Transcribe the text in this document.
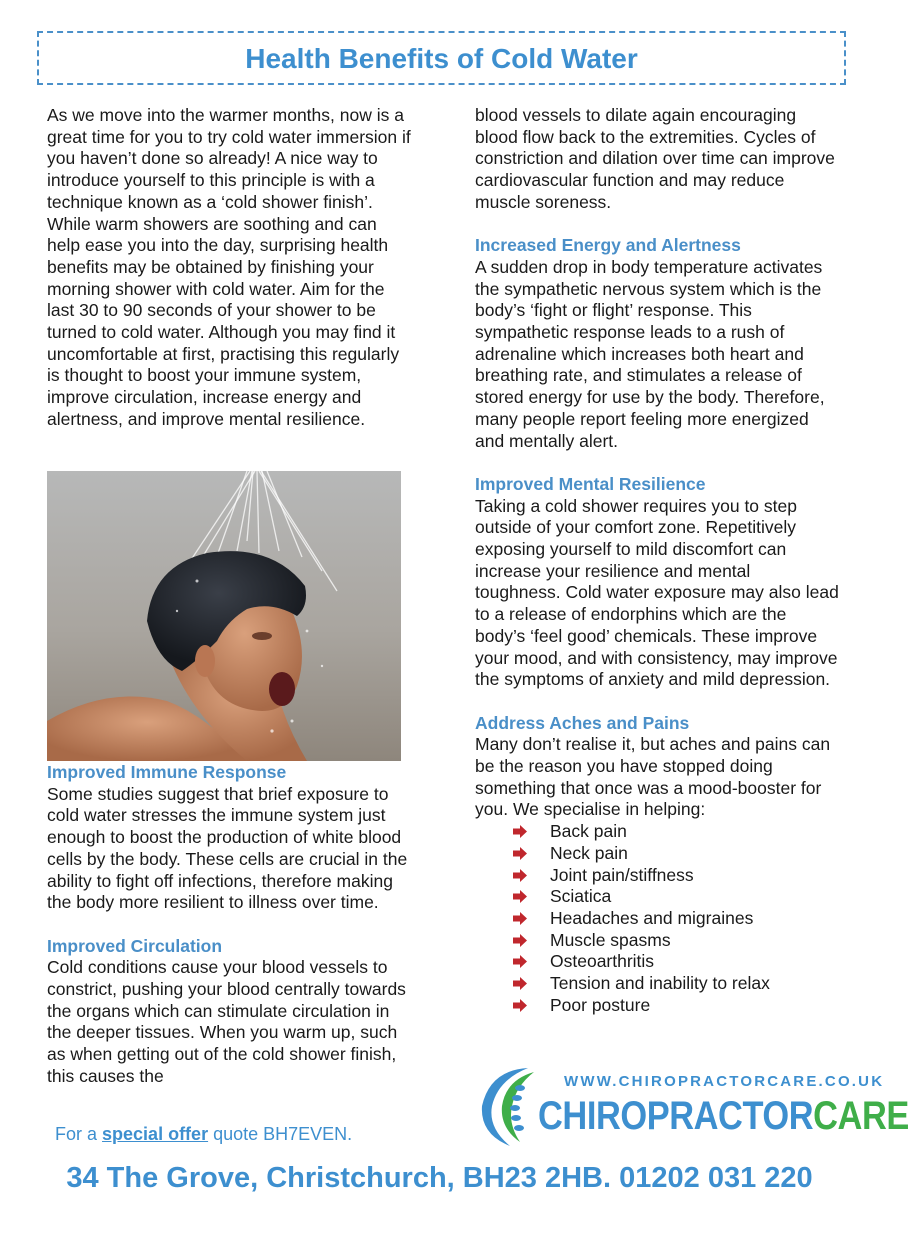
Health Benefits of Cold Water

As we move into the warmer months, now is a great time for you to try cold water immersion if you haven’t done so already! A nice way to introduce yourself to this principle is with a technique known as a ‘cold shower finish’. While warm showers are soothing and can help ease you into the day, surprising health benefits may be obtained by finishing your morning shower with cold water. Aim for the last 30 to 90 seconds of your shower to be turned to cold water. Although you may find it uncomfortable at first, practising this regularly is thought to boost your immune system, improve circulation, increase energy and alertness, and improve mental resilience.

Improved Immune Response

Some studies suggest that brief exposure to cold water stresses the immune system just enough to boost the production of white blood cells by the body. These cells are crucial in the ability to fight off infections, therefore making the body more resilient to illness over time.

Improved Circulation

Cold conditions cause your blood vessels to constrict, pushing your blood centrally towards the organs which can stimulate circulation in the deeper tissues. When you warm up, such as when getting out of the cold shower finish, this causes the

blood vessels to dilate again encouraging blood flow back to the extremities. Cycles of constriction and dilation over time can improve cardiovascular function and may reduce muscle soreness.

Increased Energy and Alertness

A sudden drop in body temperature activates the sympathetic nervous system which is the body’s ‘fight or flight’ response. This sympathetic response leads to a rush of adrenaline which increases both heart and breathing rate, and stimulates a release of stored energy for use by the body. Therefore, many people report feeling more energized and mentally alert.

Improved Mental Resilience

Taking a cold shower requires you to step outside of your comfort zone. Repetitively exposing yourself to mild discomfort can increase your resilience and mental toughness. Cold water exposure may also lead to a release of endorphins which are the body’s ‘feel good’ chemicals. These improve your mood, and with consistency, may improve the symptoms of anxiety and mild depression.

Address Aches and Pains

Many don’t realise it, but aches and pains can be the reason you have stopped doing something that once was a mood-booster for you. We specialise in helping:

Back pain
Neck pain
Joint pain/stiffness
Sciatica
Headaches and migraines
Muscle spasms
Osteoarthritis
Tension and inability to relax
Poor posture
WWW.CHIROPRACTORCARE.CO.UK
CHIROPRACTORCARE
For a special offer quote BH7EVEN.
34 The Grove, Christchurch, BH23 2HB. 01202 031 220
